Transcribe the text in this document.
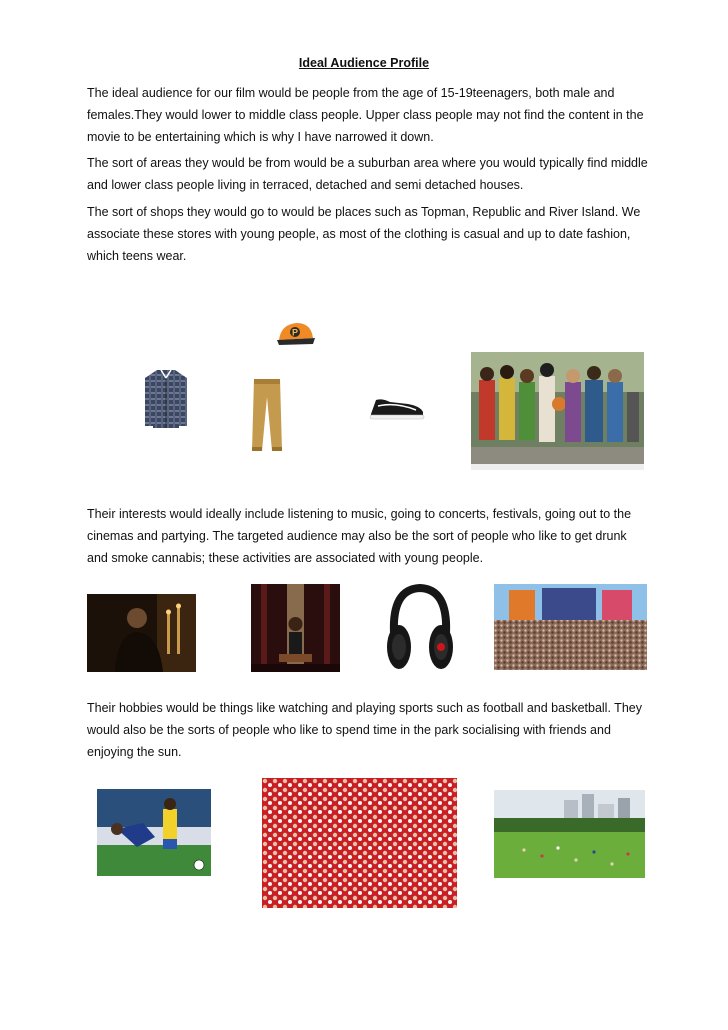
Ideal Audience Profile

The ideal audience for our film would be people from the age of 15-19teenagers, both male and females.They would lower to middle class people. Upper class people may not find the content in the movie to be entertaining which is why I have narrowed it down.

The sort of areas they would be from would be a suburban area where you would typically find middle and lower class people living in terraced, detached and semi detached houses.

The sort of shops they would go to would be places such as Topman, Republic and River Island. We associate these stores with young people, as most of the clothing is casual and up to date fashion, which teens wear.

P

Their interests would ideally include listening to music, going to concerts, festivals, going out to the cinemas and partying. The targeted audience may also be the sort of people who like to get drunk and smoke cannabis; these activities are associated with young people.

Their hobbies would be things like watching and playing sports such as football and basketball. They would also be the sorts of people who like to spend time in the park socialising with friends and enjoying the sun.
